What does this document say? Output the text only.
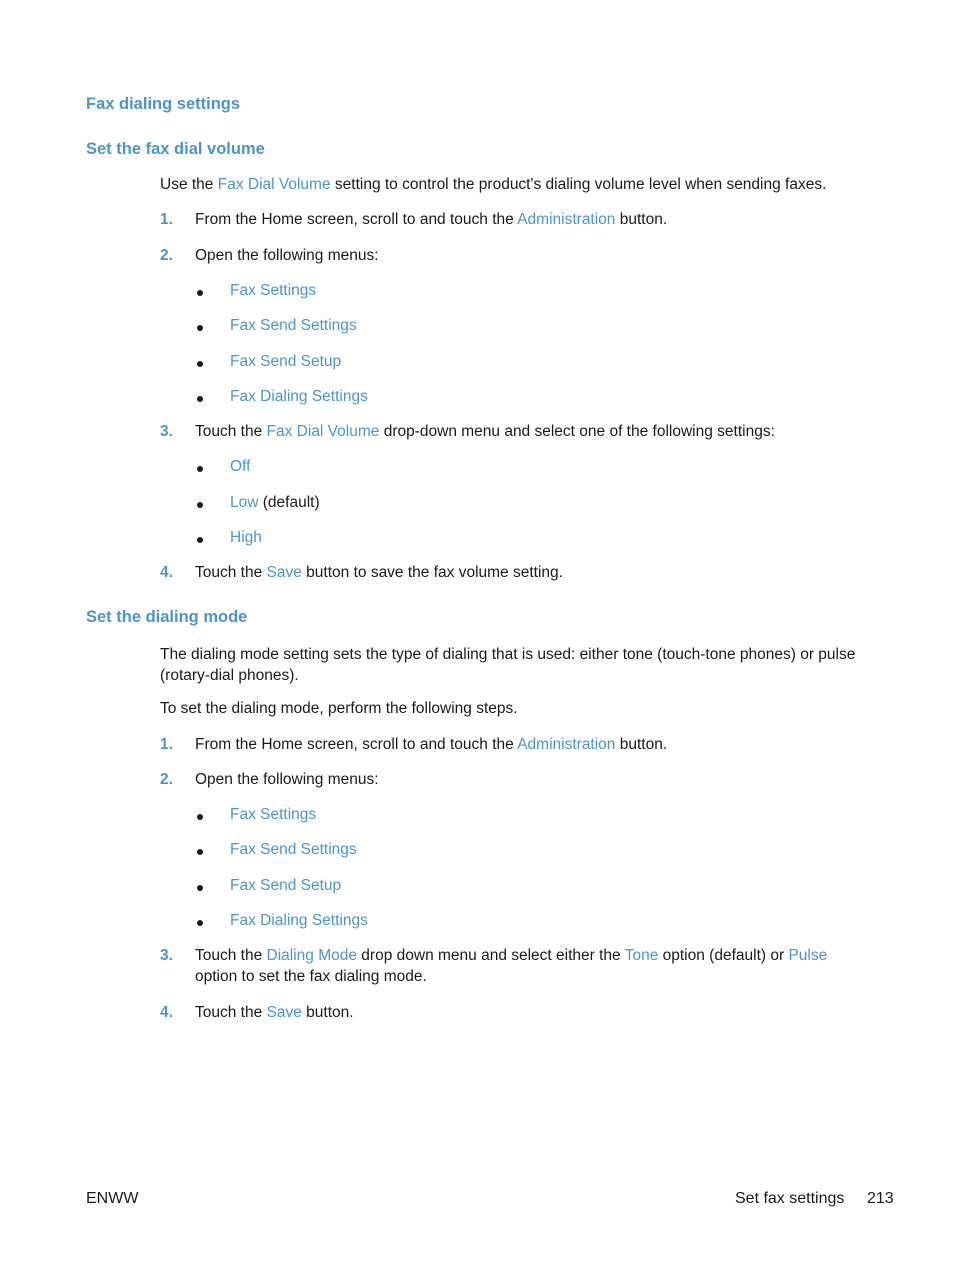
Fax dialing settings
Set the fax dial volume
Use the Fax Dial Volume setting to control the product's dialing volume level when sending faxes.
1. From the Home screen, scroll to and touch the Administration button.
2. Open the following menus:
Fax Settings
Fax Send Settings
Fax Send Setup
Fax Dialing Settings
3. Touch the Fax Dial Volume drop-down menu and select one of the following settings:
Off
Low (default)
High
4. Touch the Save button to save the fax volume setting.
Set the dialing mode
The dialing mode setting sets the type of dialing that is used: either tone (touch-tone phones) or pulse (rotary-dial phones).
To set the dialing mode, perform the following steps.
1. From the Home screen, scroll to and touch the Administration button.
2. Open the following menus:
Fax Settings
Fax Send Settings
Fax Send Setup
Fax Dialing Settings
3. Touch the Dialing Mode drop down menu and select either the Tone option (default) or Pulse
option to set the fax dialing mode.
4. Touch the Save button.
ENWW	Set fax settings 213
